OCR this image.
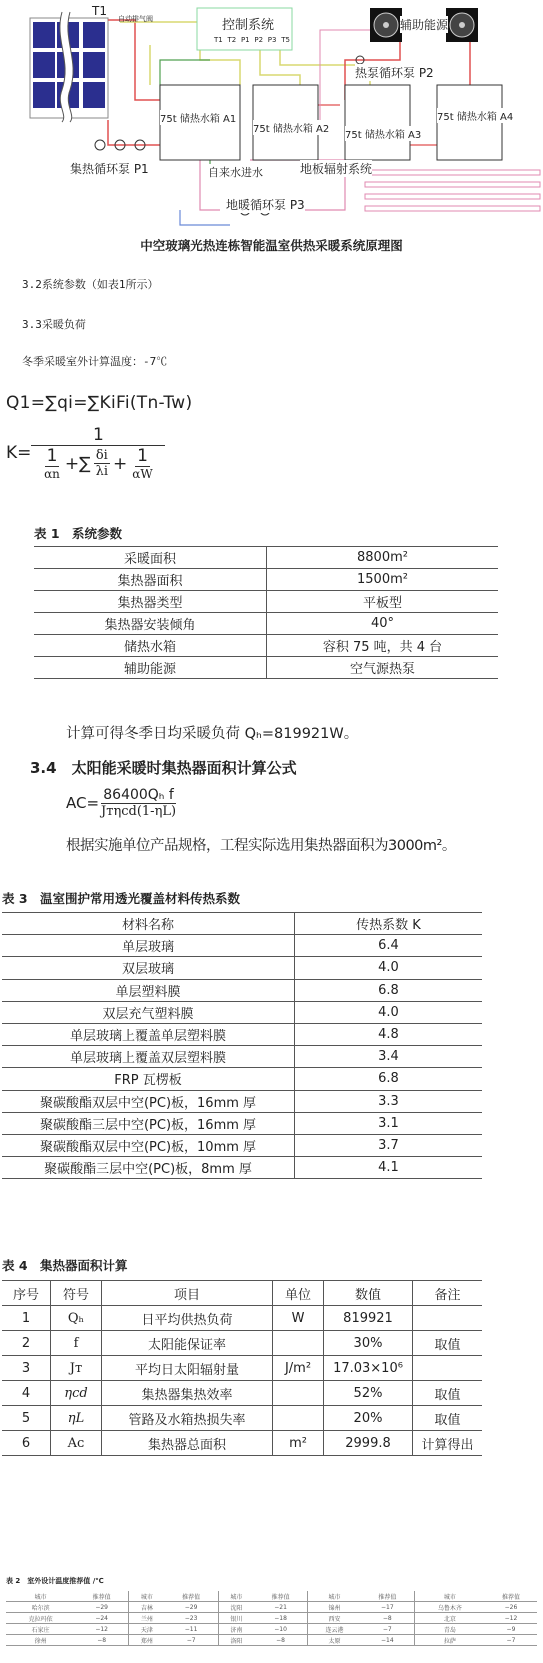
T1
自动排气阀	控制系统
T1 T2 P1 P2 P3 T5
辅助能源
热泵循环泵 P2
75t 储热水箱 A1
75t 储热水箱 A2
75t 储热水箱 A3
75t 储热水箱 A4
集热循环泵 P1	自来水进水	地板辐射系统
地暖循环泵 P3
中空玻璃光热连栋智能温室供热采暖系统原理图
3.2系统参数（如表1所示）
3.3采暖负荷
冬季采暖室外计算温度：-7℃
Q1=∑qi=∑KiFi(Tn-Tw)
$K= \frac{1}{\frac{1}{\alpha n} +\sum \frac{\delta i}{\lambda i} + \frac{1}{\alpha W}}$
表 1　系统参数
采暖面积	8800m²
集热器面积	1500m²
集热器类型	平板型
集热器安装倾角	40°
储热水箱	容积 75 吨，共 4 台
辅助能源	空气源热泵
计算可得冬季日均采暖负荷 Qₕ=819921W。
3.4　太阳能采暖时集热器面积计算公式
$AC= \frac{\text{86400Qₕ f}}{\text{Jᴛηcd(1-ηL)}}$
根据实施单位产品规格，工程实际选用集热器面积为3000m²。
表 3　温室围护常用透光覆盖材料传热系数
材料名称	传热系数 K
单层玻璃	6.4
双层玻璃	4.0
单层塑料膜	6.8
双层充气塑料膜	4.0
单层玻璃上覆盖单层塑料膜	4.8
单层玻璃上覆盖双层塑料膜	3.4
FRP 瓦楞板	6.8
聚碳酸酯双层中空(PC)板，16mm 厚	3.3
聚碳酸酯三层中空(PC)板，16mm 厚	3.1
聚碳酸酯双层中空(PC)板，10mm 厚	3.7
聚碳酸酯三层中空(PC)板，8mm 厚	4.1
表 4　集热器面积计算
序号	符号	项目	单位	数值	备注
1	Qₕ	日平均供热负荷	W	819921	
2	f	太阳能保证率		30%	取值
3	Jᴛ	平均日太阳辐射量	J/m²	17.03×10⁶	
4	ηcd	集热器集热效率		52%	取值
5	ηL	管路及水箱热损失率		20%	取值
6	Aᴄ	集热器总面积	m²	2999.8	计算得出
表 2　室外设计温度推荐值 /℃
城市	推荐值	城市	推荐值	城市	推荐值	城市	推荐值	城市	推荐值
哈尔滨	−29	吉林	−29	沈阳	−21	锦州	−17	乌鲁木齐	−26
克拉玛依	−24	兰州	−23	银川	−18	西安	−8	北京	−12
石家庄	−12	天津	−11	济南	−10	连云港	−7	青岛	−9
徐州	−8	郑州	−7	洛阳	−8	太原	−14	拉萨	−7
